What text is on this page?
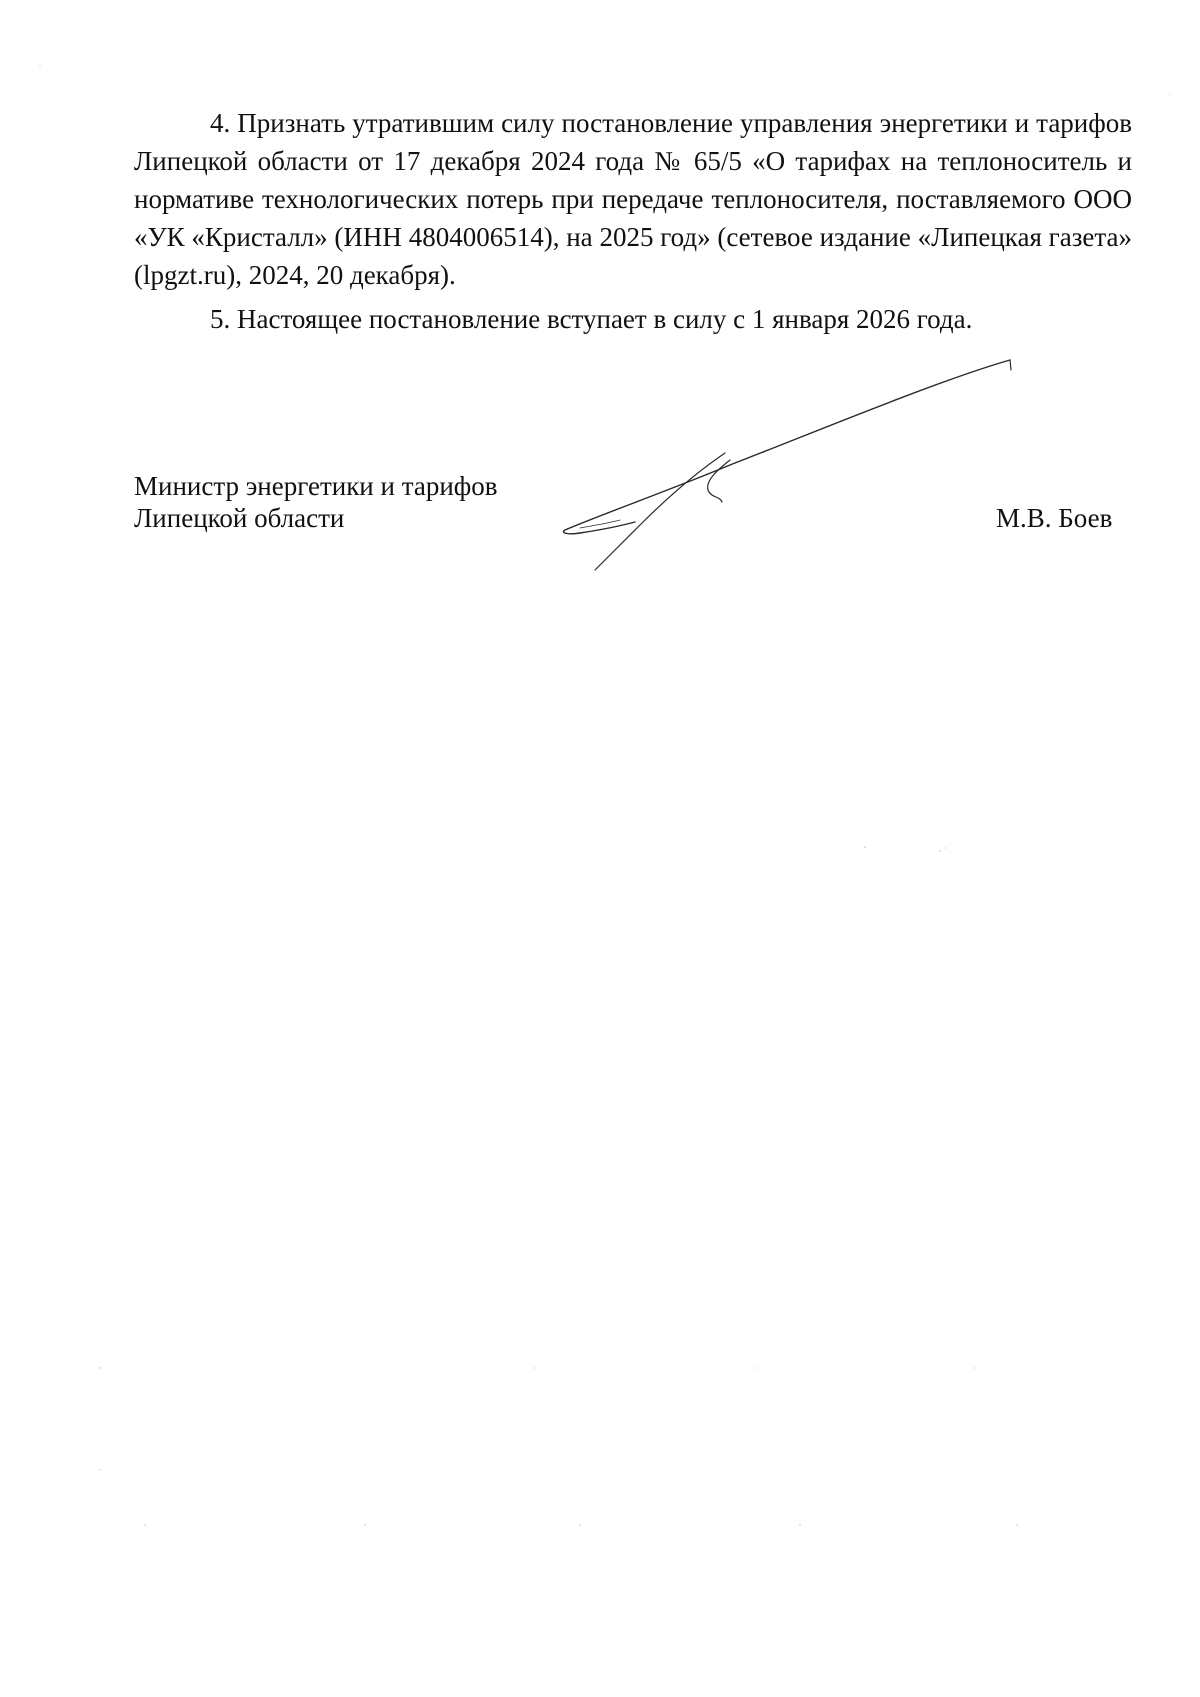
4. Признать утратившим силу постановление управления энергетики и тарифов Липецкой области от 17 декабря 2024 года № 65/5 «О тарифах на теплоноситель и нормативе технологических потерь при передаче теплоносителя, поставляемого ООО «УК «Кристалл» (ИНН 4804006514), на 2025 год» (сетевое издание «Липецкая газета» (lpgzt.ru), 2024, 20 декабря).

5. Настоящее постановление вступает в силу с 1 января 2026 года.

Министр энергетики и тарифов
Липецкой области	М.В. Боев
